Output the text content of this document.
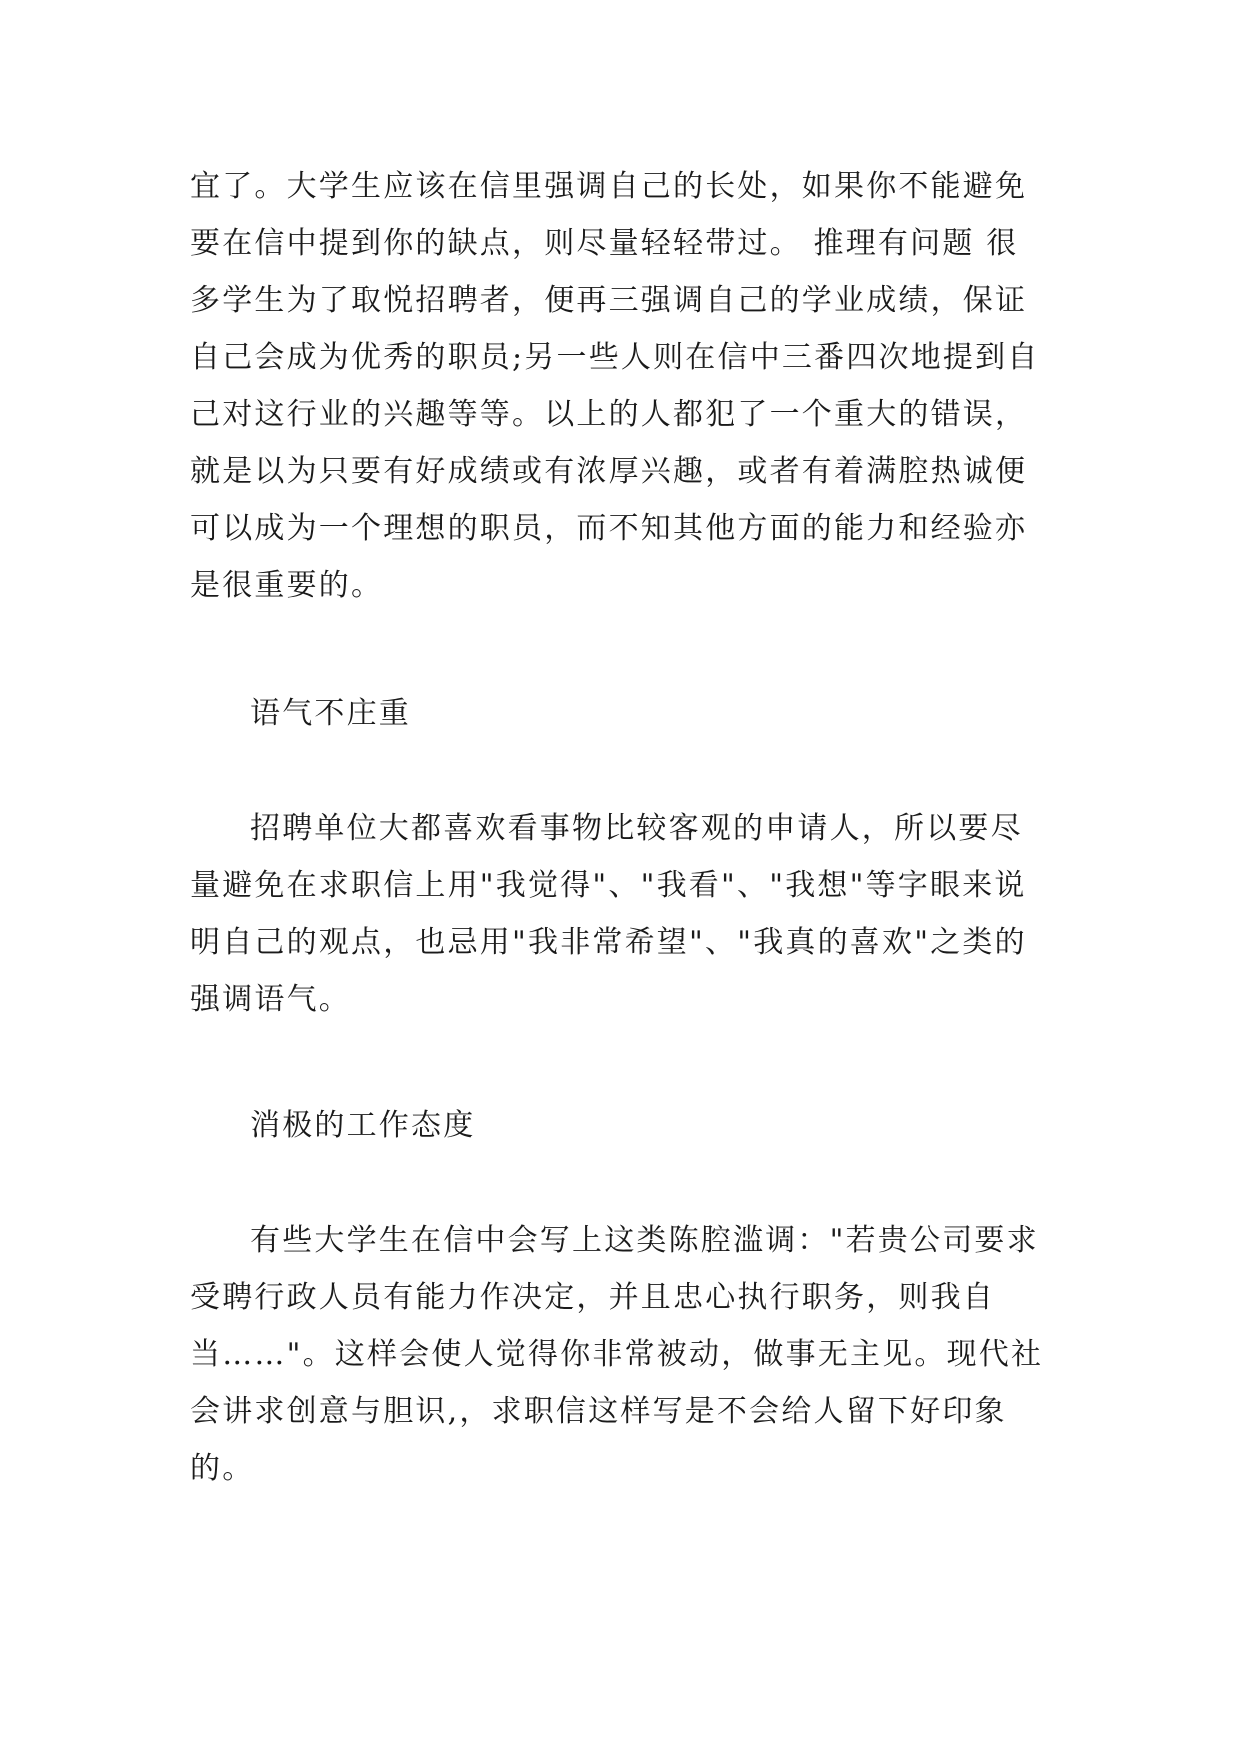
宜了。大学生应该在信里强调自己的长处，如果你不能避免要在信中提到你的缺点，则尽量轻轻带过。 推理有问题 很多学生为了取悦招聘者，便再三强调自己的学业成绩，保证自己会成为优秀的职员;另一些人则在信中三番四次地提到自己对这行业的兴趣等等。以上的人都犯了一个重大的错误，就是以为只要有好成绩或有浓厚兴趣，或者有着满腔热诚便可以成为一个理想的职员，而不知其他方面的能力和经验亦是很重要的。

语气不庄重

招聘单位大都喜欢看事物比较客观的申请人，所以要尽量避免在求职信上用"我觉得"、"我看"、"我想"等字眼来说明自己的观点，也忌用"我非常希望"、"我真的喜欢"之类的强调语气。

消极的工作态度

有些大学生在信中会写上这类陈腔滥调："若贵公司要求受聘行政人员有能力作决定，并且忠心执行职务，则我自当……"。这样会使人觉得你非常被动，做事无主见。现代社会讲求创意与胆识,，求职信这样写是不会给人留下好印象的。
